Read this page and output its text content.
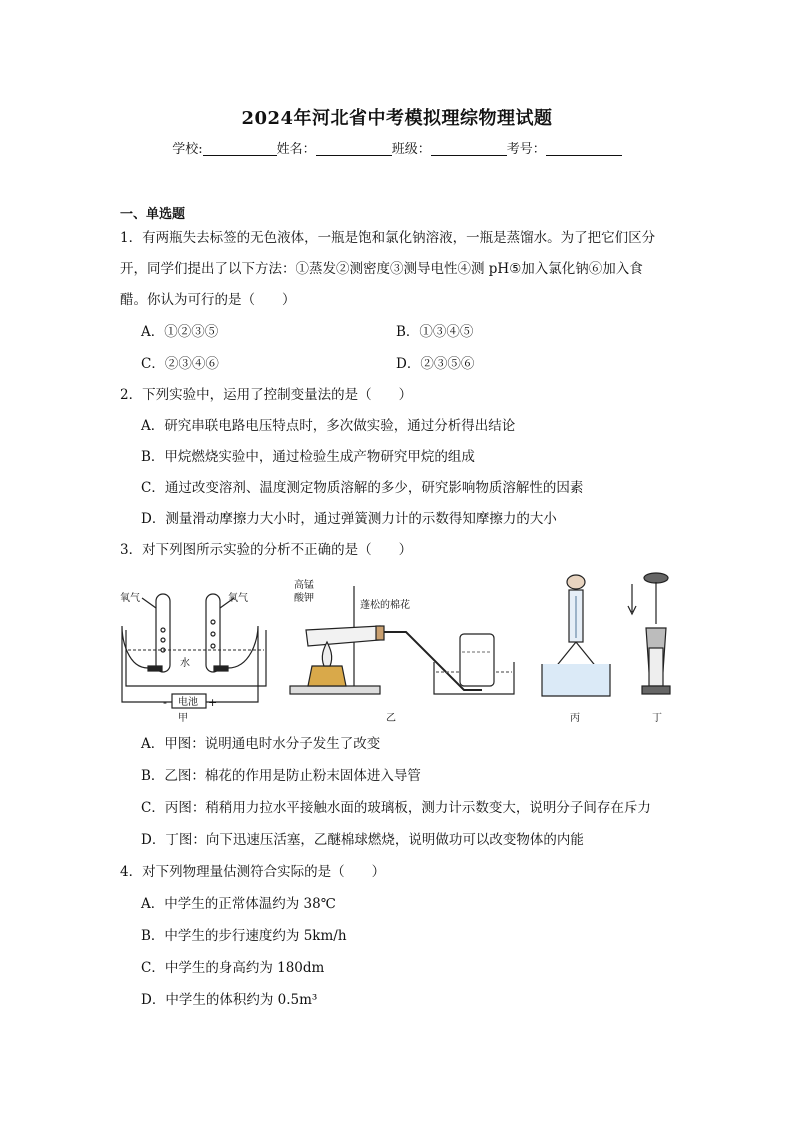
2024年河北省中考模拟理综物理试题
学校:	姓名：	班级：	考号：
一、单选题
1．有两瓶失去标签的无色液体，一瓶是饱和氯化钠溶液，一瓶是蒸馏水。为了把它们区分
开，同学们提出了以下方法：①蒸发②测密度③测导电性④测 pH⑤加入氯化钠⑥加入食
醋。你认为可行的是（　　）
A．①②③⑤	B．①③④⑤
C．②③④⑥	D．②③⑤⑥
2．下列实验中，运用了控制变量法的是（　　）
A．研究串联电路电压特点时，多次做实验，通过分析得出结论
B．甲烷燃烧实验中，通过检验生成产物研究甲烷的组成
C．通过改变溶剂、温度测定物质溶解的多少，研究影响物质溶解性的因素
D．测量滑动摩擦力大小时，通过弹簧测力计的示数得知摩擦力的大小
3．对下列图所示实验的分析不正确的是（　　）
氧气	氧气
水
电池
-	+
甲
高锰
酸钾
蓬松的棉花
乙	丙	丁
A．甲图：说明通电时水分子发生了改变
B．乙图：棉花的作用是防止粉末固体进入导管
C．丙图：稍稍用力拉水平接触水面的玻璃板，测力计示数变大，说明分子间存在斥力
D．丁图：向下迅速压活塞，乙醚棉球燃烧，说明做功可以改变物体的内能
4．对下列物理量估测符合实际的是（　　）
A．中学生的正常体温约为 38℃
B．中学生的步行速度约为 5km/h
C．中学生的身高约为 180dm
D．中学生的体积约为 0.5m³
